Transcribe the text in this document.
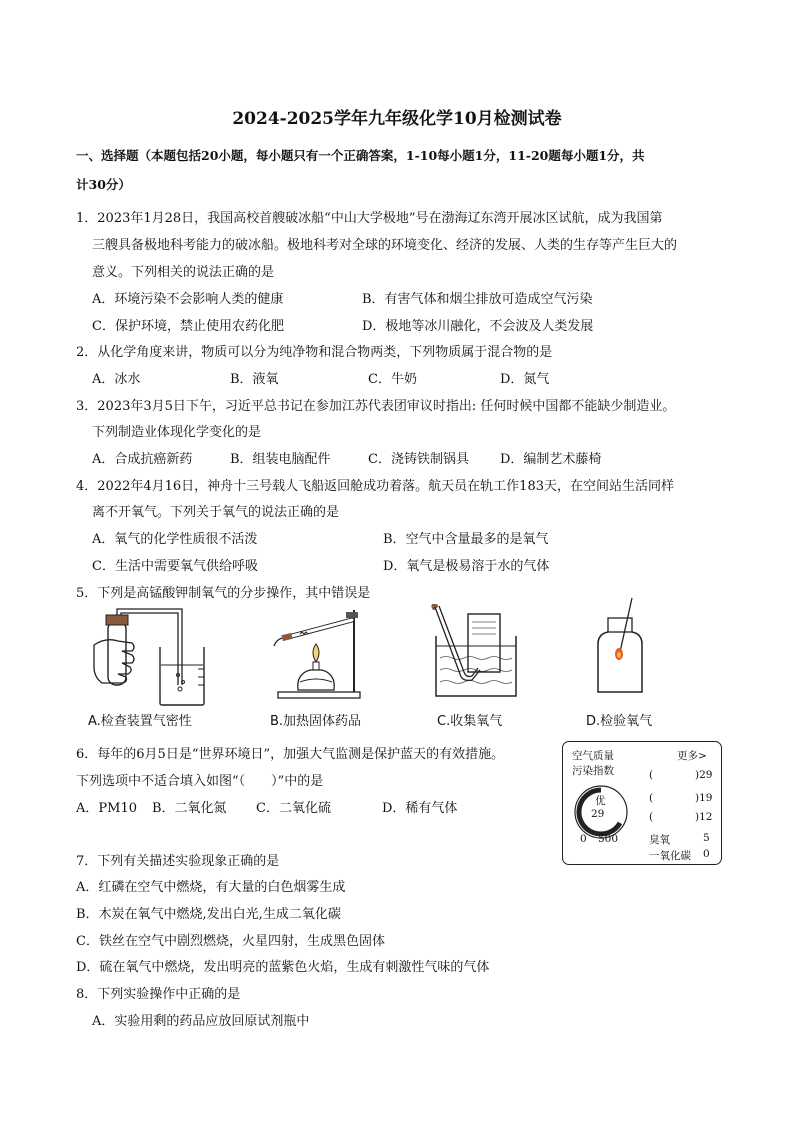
2024-2025学年九年级化学10月检测试卷
一、选择题（本题包括20小题，每小题只有一个正确答案，1-10每小题1分，11-20题每小题1分，共
计30分）
1．2023年1月28日，我国高校首艘破冰船“中山大学极地”号在渤海辽东湾开展冰区试航，成为我国第
三艘具备极地科考能力的破冰船。极地科考对全球的环境变化、经济的发展、人类的生存等产生巨大的
意义。下列相关的说法正确的是
A．环境污染不会影响人类的健康	B．有害气体和烟尘排放可造成空气污染
C．保护环境，禁止使用农药化肥	D．极地等冰川融化，不会波及人类发展
2．从化学角度来讲，物质可以分为纯净物和混合物两类，下列物质属于混合物的是
A．冰水	B．液氧	C．牛奶	D．氮气
3．2023年3月5日下午，习近平总书记在参加江苏代表团审议时指出: 任何时候中国都不能缺少制造业。
下列制造业体现化学变化的是
A．合成抗癌新药	B．组装电脑配件	C．浇铸铁制锅具 D．编制艺术藤椅
4．2022年4月16日，神舟十三号载人飞船返回舱成功着落。航天员在轨工作183天，在空间站生活同样
离不开氧气。下列关于氧气的说法正确的是
A．氧气的化学性质很不活泼	B．空气中含量最多的是氧气
C．生活中需要氧气供给呼吸	D．氧气是极易溶于水的气体
5．下列是高锰酸钾制氧气的分步操作，其中错误是
A.检查装置气密性	B.加热固体药品	C.收集氧气	D.检验氧气
6．每年的6月5日是“世界环境日”，加强大气监测是保护蓝天的有效措施。
下列选项中不适合填入如图“（　　）”中的是
A．PM10 B．二氧化氮 C．二氧化硫	D．稀有气体
空气质量
污染指数
更多>
优
29
0 500
(	)29
(	)19
(	)12
臭氧	5
一氧化碳 0
7．下列有关描述实验现象正确的是
A．红磷在空气中燃烧，有大量的白色烟雾生成
B．木炭在氧气中燃烧,发出白光,生成二氧化碳
C．铁丝在空气中剧烈燃烧，火星四射，生成黑色固体
D．硫在氧气中燃烧，发出明亮的蓝紫色火焰，生成有刺激性气味的气体
8．下列实验操作中正确的是
A．实验用剩的药品应放回原试剂瓶中
